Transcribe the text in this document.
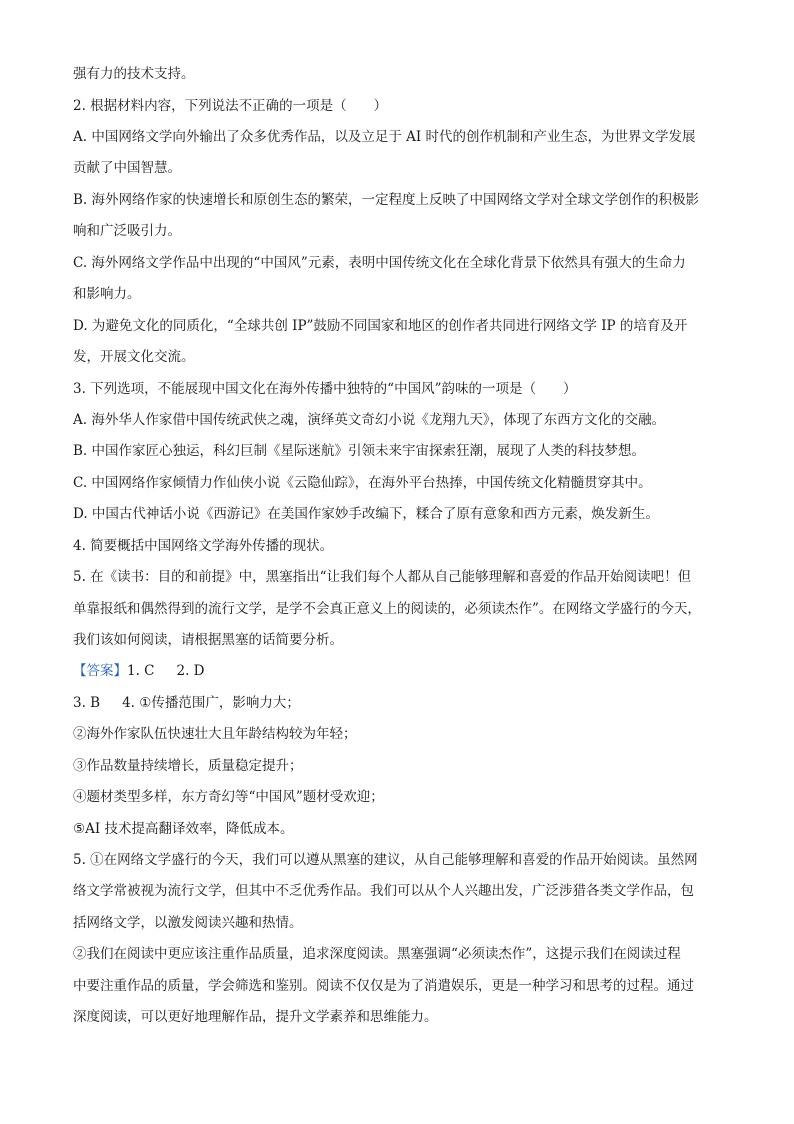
强有力的技术支持。
2. 根据材料内容，下列说法不正确的一项是（　　）
A. 中国网络文学向外输出了众多优秀作品，以及立足于 AI 时代的创作机制和产业生态，为世界文学发展
贡献了中国智慧。
B. 海外网络作家的快速增长和原创生态的繁荣，一定程度上反映了中国网络文学对全球文学创作的积极影
响和广泛吸引力。
C. 海外网络文学作品中出现的“中国风”元素，表明中国传统文化在全球化背景下依然具有强大的生命力
和影响力。
D. 为避免文化的同质化，“全球共创 IP”鼓励不同国家和地区的创作者共同进行网络文学 IP 的培育及开
发，开展文化交流。
3. 下列选项，不能展现中国文化在海外传播中独特的“中国风”韵味的一项是（　　）
A. 海外华人作家借中国传统武侠之魂，演绎英文奇幻小说《龙翔九天》，体现了东西方文化的交融。
B. 中国作家匠心独运，科幻巨制《星际迷航》引领未来宇宙探索狂潮，展现了人类的科技梦想。
C. 中国网络作家倾情力作仙侠小说《云隐仙踪》，在海外平台热捧，中国传统文化精髓贯穿其中。
D. 中国古代神话小说《西游记》在美国作家妙手改编下，糅合了原有意象和西方元素，焕发新生。
4. 简要概括中国网络文学海外传播的现状。
5. 在《读书：目的和前提》中，黑塞指出“让我们每个人都从自己能够理解和喜爱的作品开始阅读吧！但
单靠报纸和偶然得到的流行文学，是学不会真正意义上的阅读的，必须读杰作”。在网络文学盛行的今天，
我们该如何阅读，请根据黑塞的话简要分析。
【答案】1. C 2. D
3. B 4. ①传播范围广，影响力大；
②海外作家队伍快速壮大且年龄结构较为年轻；
③作品数量持续增长，质量稳定提升；
④题材类型多样，东方奇幻等“中国风”题材受欢迎；
⑤AI 技术提高翻译效率，降低成本。
5. ①在网络文学盛行的今天，我们可以遵从黑塞的建议，从自己能够理解和喜爱的作品开始阅读。虽然网
络文学常被视为流行文学，但其中不乏优秀作品。我们可以从个人兴趣出发，广泛涉猎各类文学作品，包
括网络文学，以激发阅读兴趣和热情。
②我们在阅读中更应该注重作品质量，追求深度阅读。黑塞强调“必须读杰作”，这提示我们在阅读过程
中要注重作品的质量，学会筛选和鉴别。阅读不仅仅是为了消遣娱乐，更是一种学习和思考的过程。通过
深度阅读，可以更好地理解作品，提升文学素养和思维能力。
